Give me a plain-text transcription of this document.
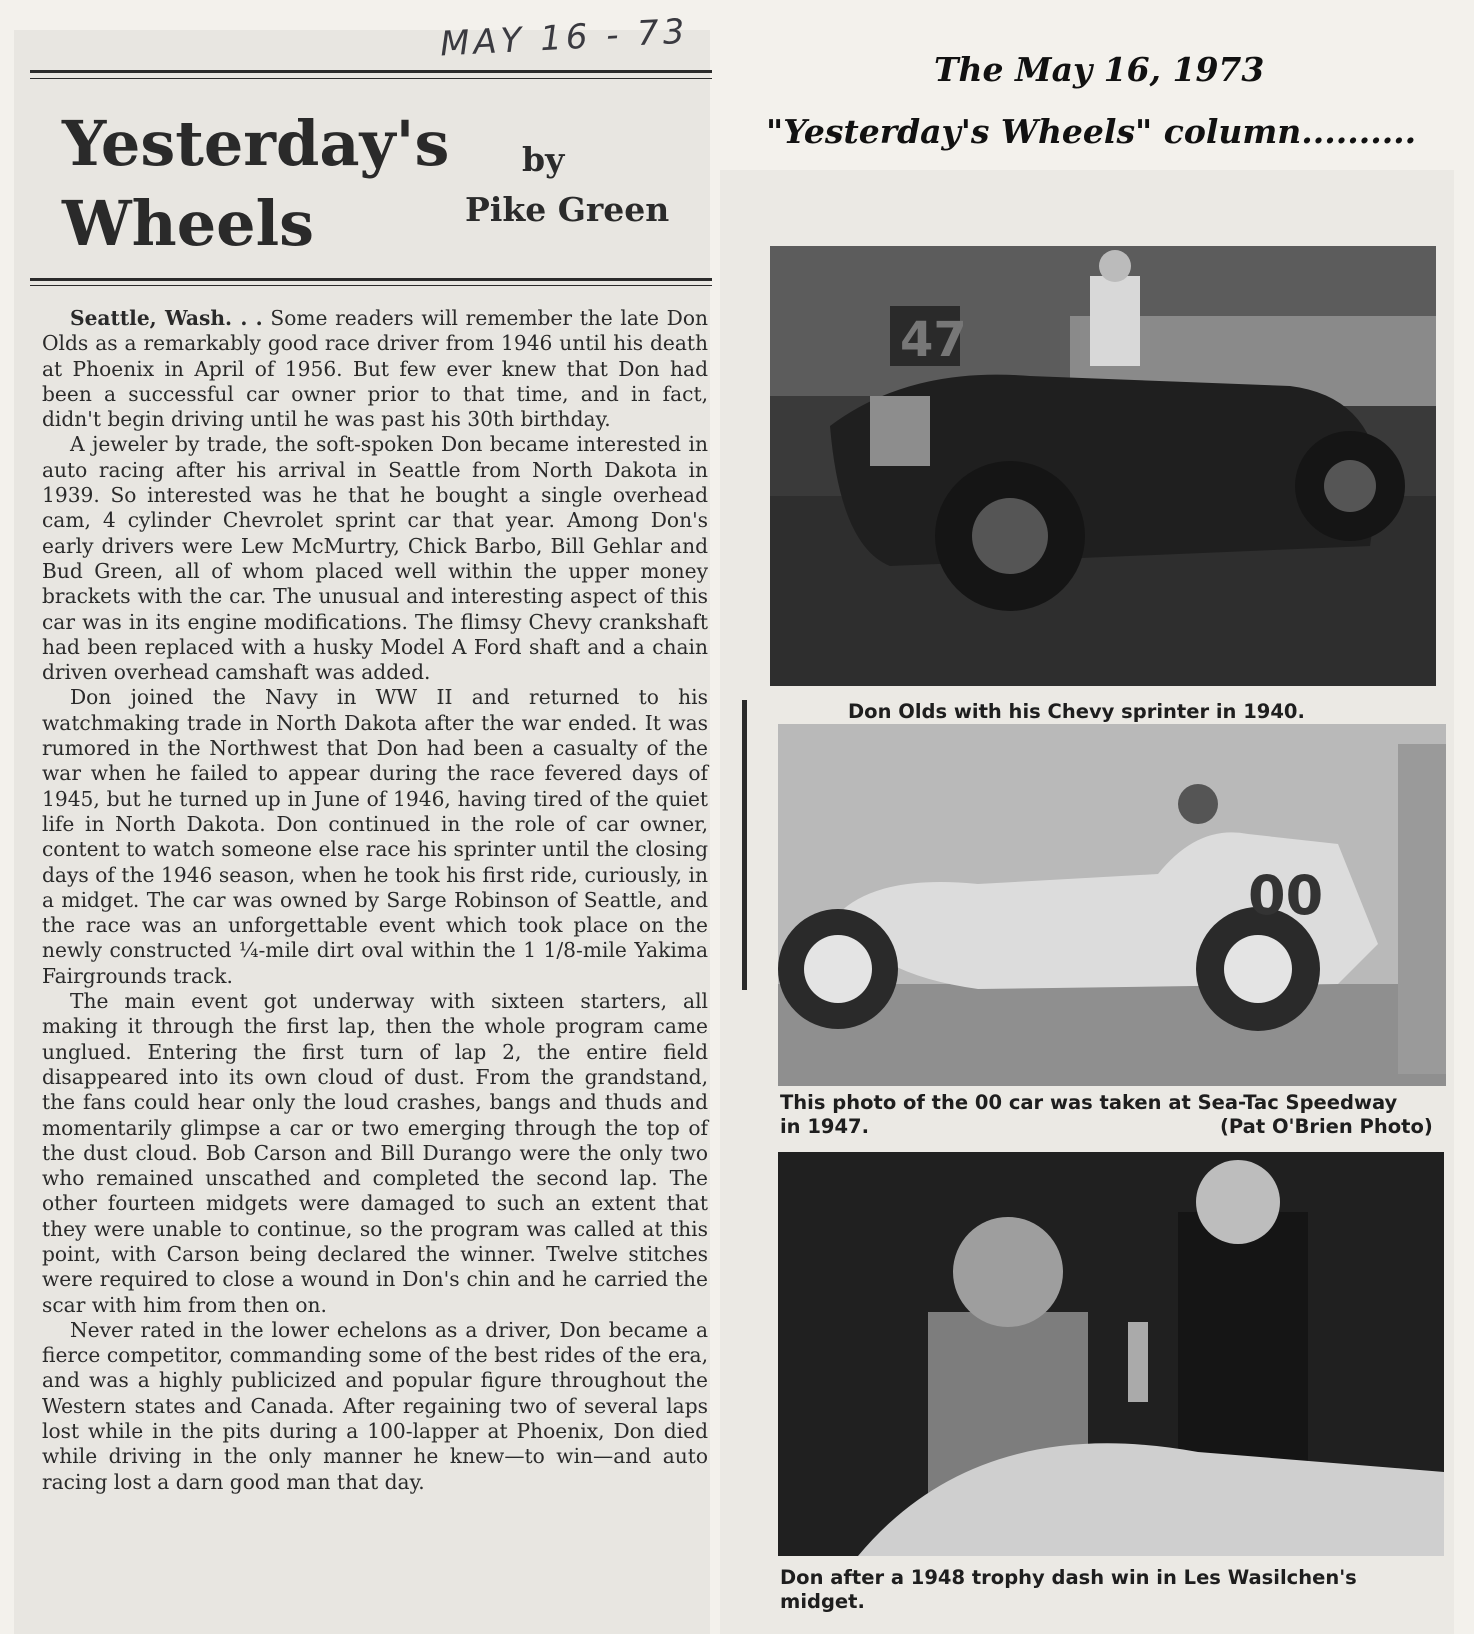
MAY 16 - 73
Yesterday's
Wheels
by
Pike Green

Seattle, Wash. . . Some readers will remember the late Don Olds as a remarkably good race driver from 1946 until his death at Phoenix in April of 1956. But few ever knew that Don had been a successful car owner prior to that time, and in fact, didn't begin driving until he was past his 30th birthday.

A jeweler by trade, the soft-spoken Don became interested in auto racing after his arrival in Seattle from North Dakota in 1939. So interested was he that he bought a single overhead cam, 4 cylinder Chevrolet sprint car that year. Among Don's early drivers were Lew McMurtry, Chick Barbo, Bill Gehlar and Bud Green, all of whom placed well within the upper money brackets with the car. The unusual and interesting aspect of this car was in its engine modifications. The flimsy Chevy crankshaft had been replaced with a husky Model A Ford shaft and a chain driven overhead camshaft was added.

Don joined the Navy in WW II and returned to his watchmaking trade in North Dakota after the war ended. It was rumored in the Northwest that Don had been a casualty of the war when he failed to appear during the race fevered days of 1945, but he turned up in June of 1946, having tired of the quiet life in North Dakota. Don continued in the role of car owner, content to watch someone else race his sprinter until the closing days of the 1946 season, when he took his first ride, curiously, in a midget. The car was owned by Sarge Robinson of Seattle, and the race was an unforgettable event which took place on the newly constructed ¼-mile dirt oval within the 1 1/8-mile Yakima Fairgrounds track.

The main event got underway with sixteen starters, all making it through the first lap, then the whole program came unglued. Entering the first turn of lap 2, the entire field disappeared into its own cloud of dust. From the grandstand, the fans could hear only the loud crashes, bangs and thuds and momentarily glimpse a car or two emerging through the top of the dust cloud. Bob Carson and Bill Durango were the only two who remained unscathed and completed the second lap. The other fourteen midgets were damaged to such an extent that they were unable to continue, so the program was called at this point, with Carson being declared the winner. Twelve stitches were required to close a wound in Don's chin and he carried the scar with him from then on.

Never rated in the lower echelons as a driver, Don became a fierce competitor, commanding some of the best rides of the era, and was a highly publicized and popular figure throughout the Western states and Canada. After regaining two of several laps lost while in the pits during a 100-lapper at Phoenix, Don died while driving in the only manner he knew—to win—and auto racing lost a darn good man that day.

The May 16, 1973
"Yesterday's Wheels" column..........
47
Don Olds with his Chevy sprinter in 1940.
00
This photo of the 00 car was taken at Sea-Tac Speedway
in 1947.	(Pat O'Brien Photo)
Don after a 1948 trophy dash win in Les Wasilchen's
midget.
